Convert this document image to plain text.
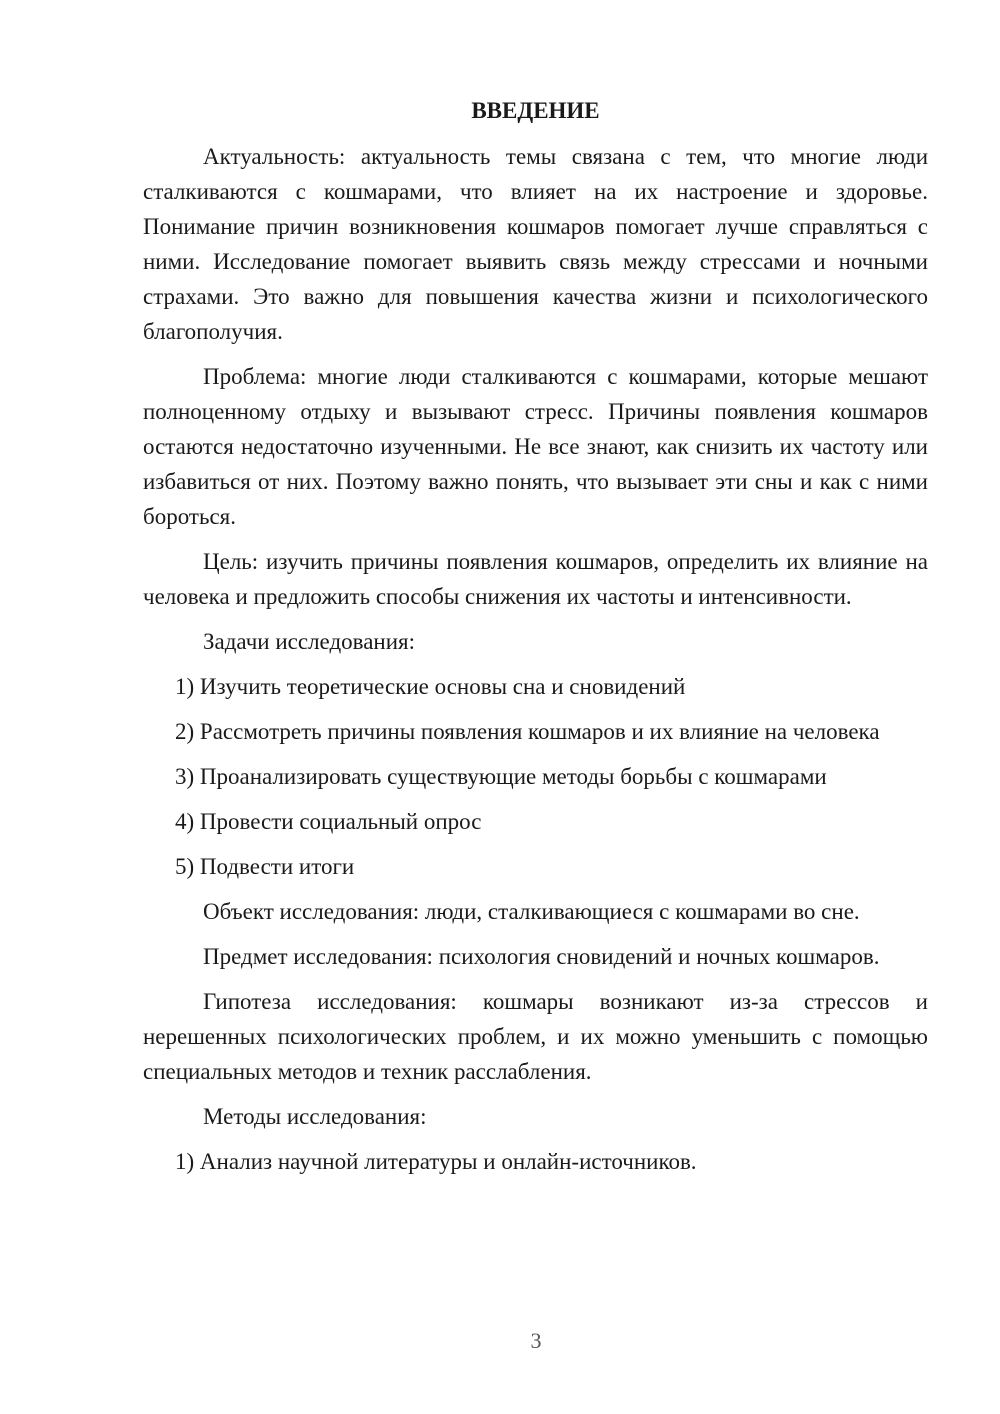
ВВЕДЕНИЕ

Актуальность: актуальность темы связана с тем, что многие люди сталкиваются с кошмарами, что влияет на их настроение и здоровье. Понимание причин возникновения кошмаров помогает лучше справляться с ними. Исследование помогает выявить связь между стрессами и ночными страхами. Это важно для повышения качества жизни и психологического благополучия.

Проблема: многие люди сталкиваются с кошмарами, которые мешают полноценному отдыху и вызывают стресс. Причины появления кошмаров остаются недостаточно изученными. Не все знают, как снизить их частоту или избавиться от них. Поэтому важно понять, что вызывает эти сны и как с ними бороться.

Цель: изучить причины появления кошмаров, определить их влияние на человека и предложить способы снижения их частоты и интенсивности.

Задачи исследования:

1) Изучить теоретические основы сна и сновидений

2) Рассмотреть причины появления кошмаров и их влияние на человека

3) Проанализировать существующие методы борьбы с кошмарами

4) Провести социальный опрос

5) Подвести итоги

Объект исследования: люди, сталкивающиеся с кошмарами во сне.

Предмет исследования: психология сновидений и ночных кошмаров.

Гипотеза исследования: кошмары возникают из-за стрессов и нерешенных психологических проблем, и их можно уменьшить с помощью специальных методов и техник расслабления.

Методы исследования:

1) Анализ научной литературы и онлайн-источников.

3
